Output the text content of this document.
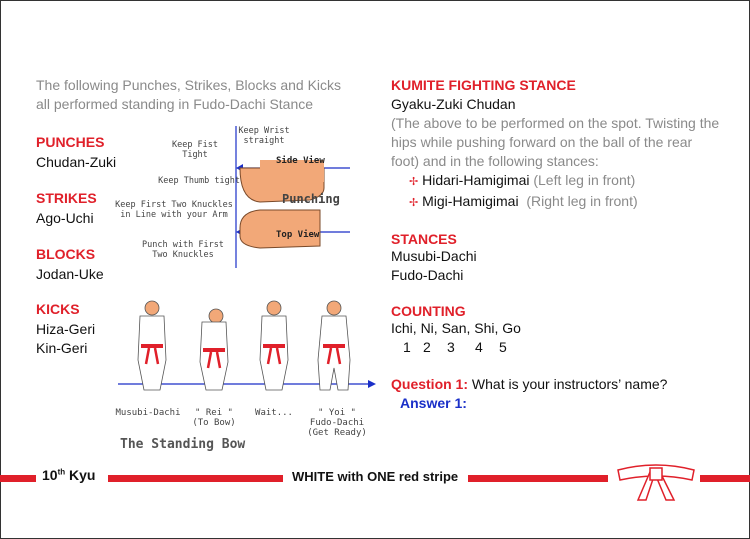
The following Punches, Strikes, Blocks and Kicks
all performed standing in Fudo-Dachi Stance
PUNCHES
Chudan-Zuki
STRIKES
Ago-Uchi
BLOCKS
Jodan-Uke
KICKS
Hiza-Geri
Kin-Geri
Keep Fist
Tight
Keep Wrist
straight
Keep Thumb tight
Keep First Two Knuckles
in Line with your Arm
Punch with First
Two Knuckles
Side View
Top View
Punching
Musubi-Dachi	" Rei "
(To Bow)
Wait...	" Yoi "
Fudo-Dachi
(Get Ready)
The Standing Bow
KUMITE FIGHTING STANCE
Gyaku-Zuki Chudan
(The above to be performed on the spot. Twisting the hips while pushing forward on the ball of the rear foot) and in the following stances:
✢ Hidari-Hamigimai (Left leg in front)
✢ Migi-Hamigimai  (Right leg in front)
STANCES
Musubi-Dachi
Fudo-Dachi
COUNTING
Ichi, Ni, San, Shi, Go
1 2 3 4 5
Question 1: What is your instructors’ name?
Answer 1:
10th Kyu	WHITE with ONE red stripe
